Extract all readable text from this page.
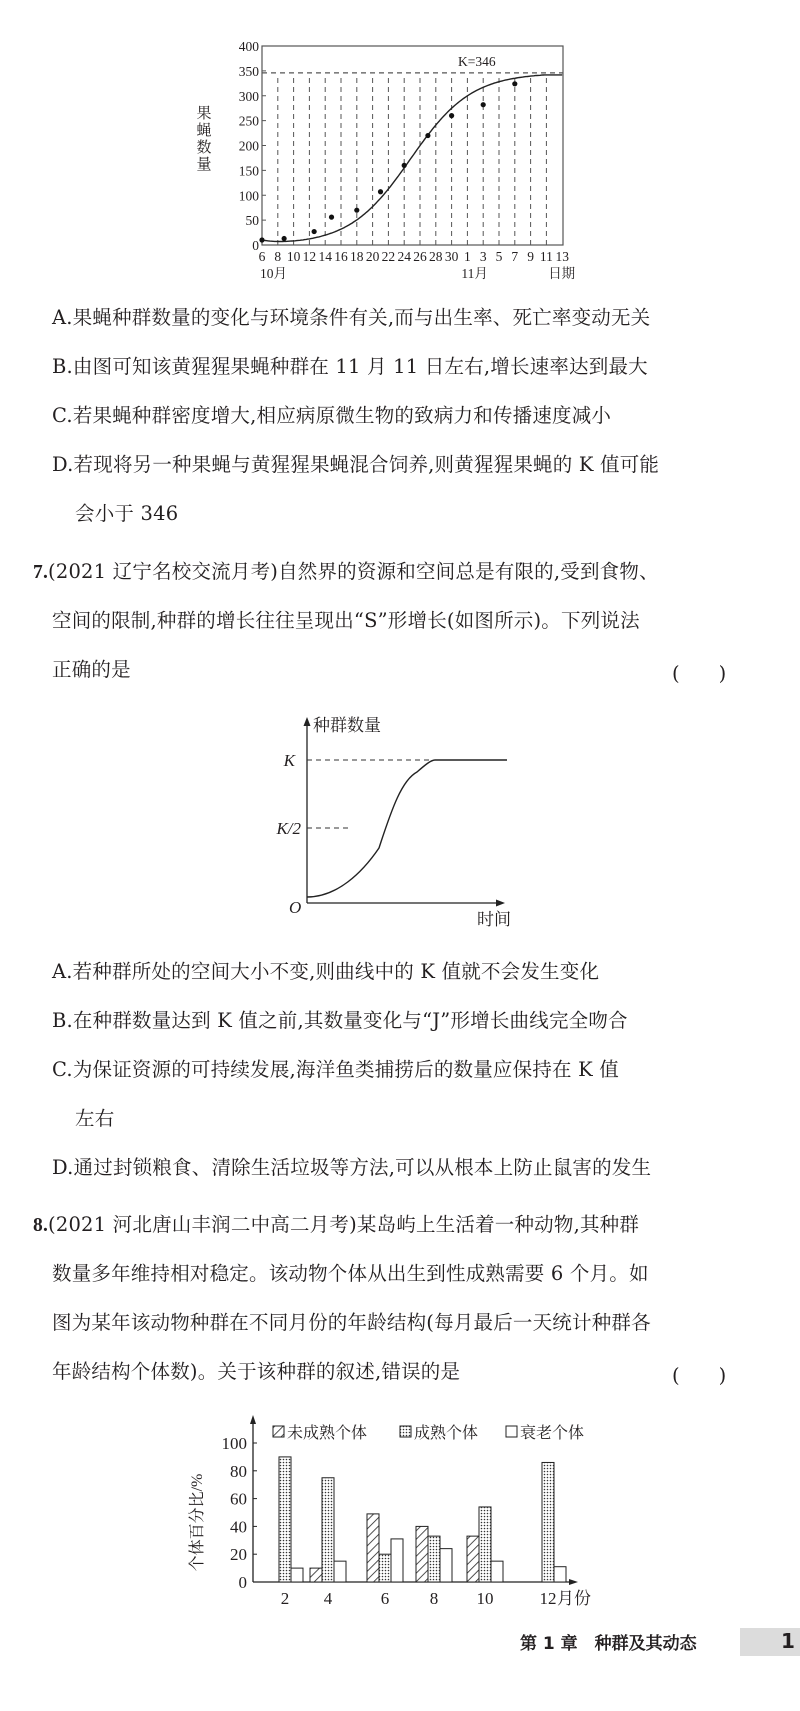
0
50
100
150
200
250
300
350
400
果
蝇
数
量
K=346
6 8 10 12 14 16 18 20 22 24 26 28 30 1 3 5 7 9 11 13
10月	11月	日期
A.果蝇种群数量的变化与环境条件有关,而与出生率、死亡率变动无关
B.由图可知该黄猩猩果蝇种群在 11 月 11 日左右,增长速率达到最大
C.若果蝇种群密度增大,相应病原微生物的致病力和传播速度减小
D.若现将另一种果蝇与黄猩猩果蝇混合饲养,则黄猩猩果蝇的 K 值可能
会小于 346
7.(2021 辽宁名校交流月考)自然界的资源和空间总是有限的,受到食物、
空间的限制,种群的增长往往呈现出“S”形增长(如图所示)。下列说法
正确的是	(　　)
种群数量
时间
O
K
K/2
A.若种群所处的空间大小不变,则曲线中的 K 值就不会发生变化
B.在种群数量达到 K 值之前,其数量变化与“J”形增长曲线完全吻合
C.为保证资源的可持续发展,海洋鱼类捕捞后的数量应保持在 K 值
左右
D.通过封锁粮食、清除生活垃圾等方法,可以从根本上防止鼠害的发生
8.(2021 河北唐山丰润二中高二月考)某岛屿上生活着一种动物,其种群
数量多年维持相对稳定。该动物个体从出生到性成熟需要 6 个月。如
图为某年该动物种群在不同月份的年龄结构(每月最后一天统计种群各
年龄结构个体数)。关于该种群的叙述,错误的是	(　　)
0
20
40
60
80
100
个体百分比/%
未成熟个体	成熟个体	衰老个体
2 4	6 8 10	12 月份
第 1 章　种群及其动态	1
